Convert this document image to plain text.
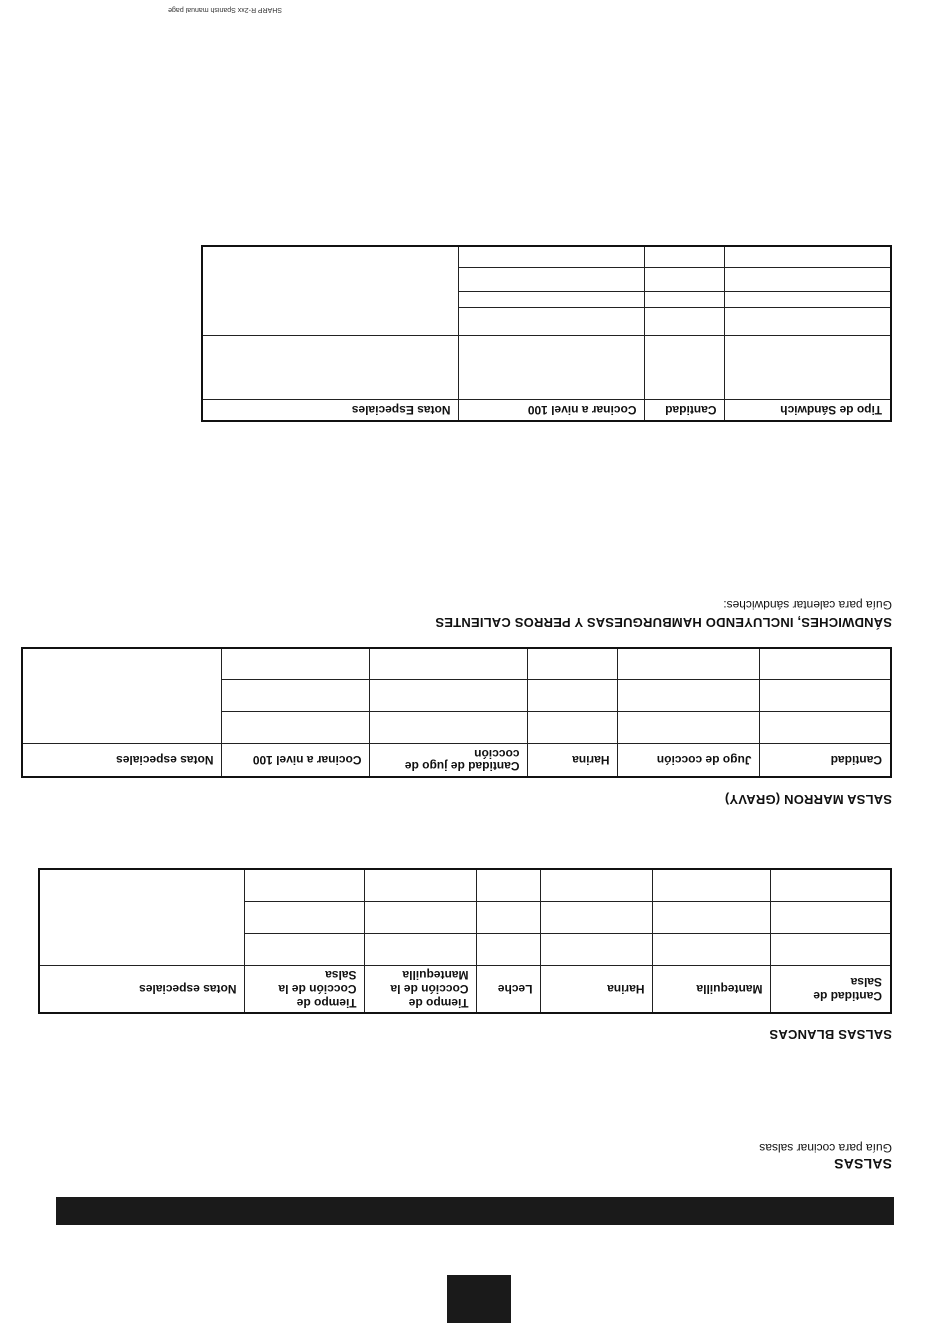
SALSAS
Guía para cocinar salsas
SALSAS BLANCAS
Cantidad de Salsa	Mantequilla	Harina	Leche	Tiempo de Cocción de la Mantequilla	Tiempo de Cocción de la Salsa	Notas especiales

SALSA MARRON (GRAVY)
Cantidad	Jugo de cocción	Harina	Cantidad de jugo de cocción	Cocinar a nivel 100	Notas especiales

SÁNDWICHES, INCLUYENDO HAMBURGUESAS Y PERROS CALIENTES
Guía para calentar sándwiches:
Tipo de Sándwich	Cantidad	Cocinar a nivel 100	Notas Especiales

SHARP R-2xx Spanish manual page
